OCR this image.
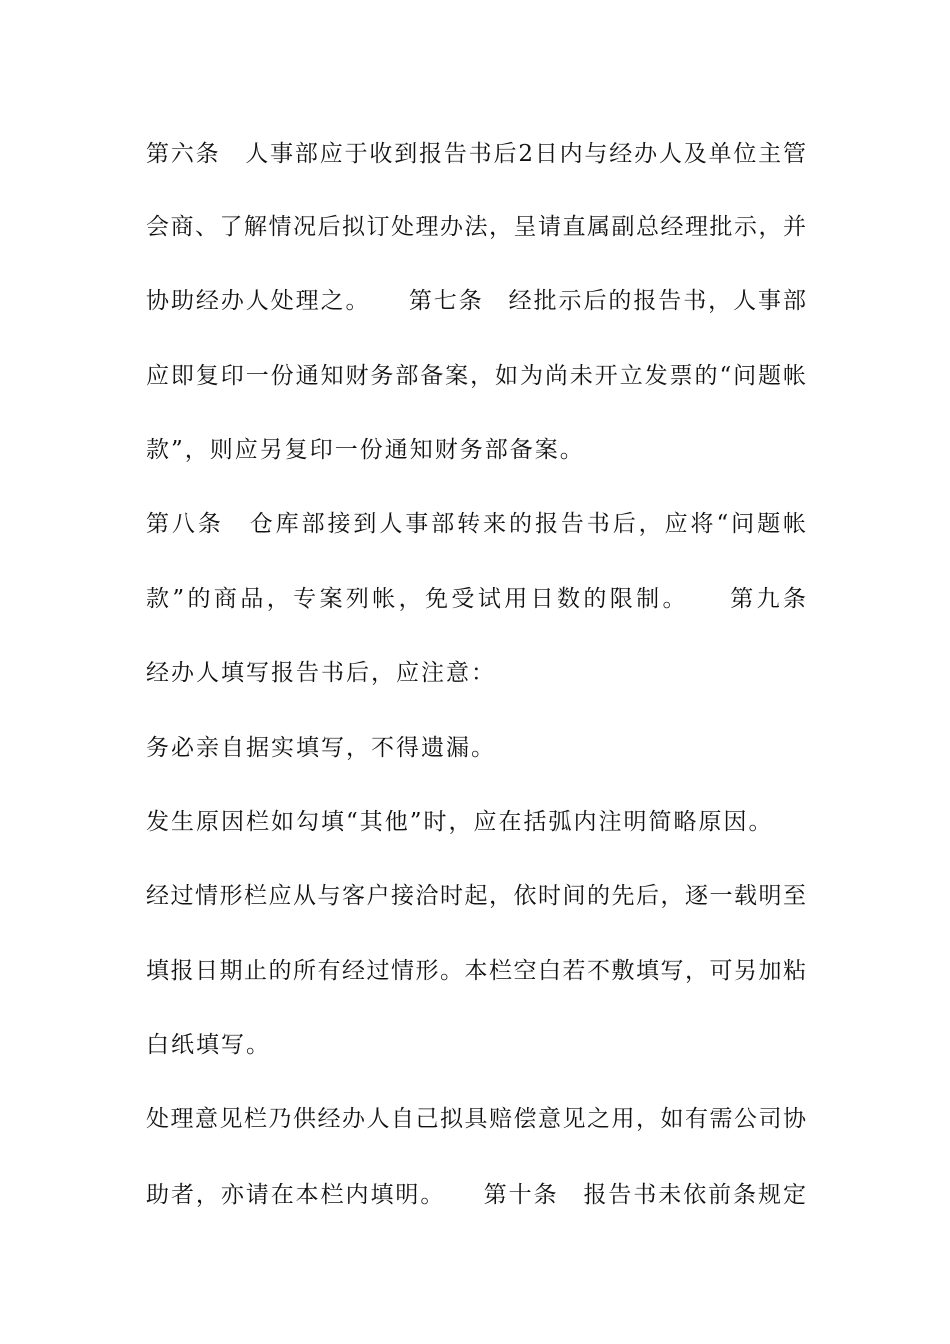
第六条　人事部应于收到报告书后2日内与经办人及单位主管
会商、了解情况后拟订处理办法，呈请直属副总经理批示，并
协助经办人处理之。　　第七条　经批示后的报告书，人事部
应即复印一份通知财务部备案，如为尚未开立发票的“问题帐
款”，则应另复印一份通知财务部备案。
第八条　仓库部接到人事部转来的报告书后，应将“问题帐
款”的商品，专案列帐，免受试用日数的限制。　　第九条
经办人填写报告书后，应注意：
务必亲自据实填写，不得遗漏。
发生原因栏如勾填“其他”时，应在括弧内注明简略原因。
经过情形栏应从与客户接洽时起，依时间的先后，逐一载明至
填报日期止的所有经过情形。本栏空白若不敷填写，可另加粘
白纸填写。
处理意见栏乃供经办人自己拟具赔偿意见之用，如有需公司协
助者，亦请在本栏内填明。　　第十条　报告书未依前条规定
